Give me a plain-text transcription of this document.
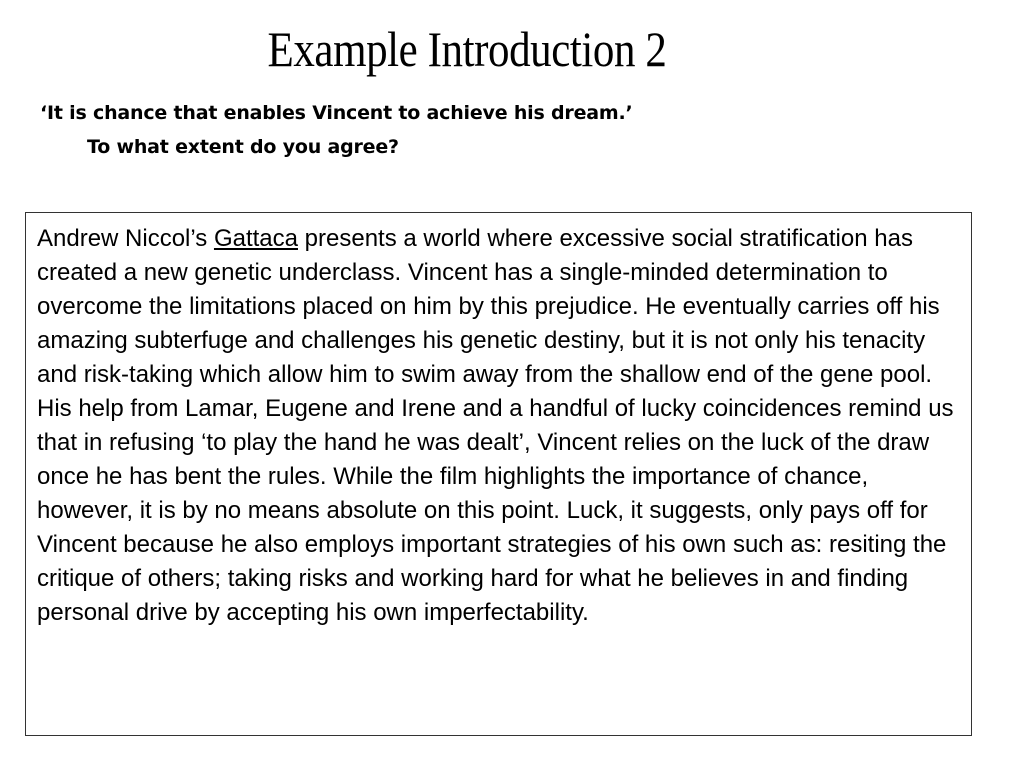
Example Introduction 2
‘It is chance that enables Vincent to achieve his dream.’
To what extent do you agree?

Andrew Niccol’s Gattaca presents a world where excessive social stratification has created a new genetic underclass. Vincent has a single-minded determination to overcome the limitations placed on him by this prejudice. He eventually carries off his amazing subterfuge and challenges his genetic destiny, but it is not only his tenacity and risk-taking which allow him to swim away from the shallow end of the gene pool. His help from Lamar, Eugene and Irene and a handful of lucky coincidences remind us that in refusing ‘to play the hand he was dealt’, Vincent relies on the luck of the draw once he has bent the rules. While the film highlights the importance of chance, however, it is by no means absolute on this point. Luck, it suggests, only pays off for Vincent because he also employs important strategies of his own such as: resiting the critique of others; taking risks and working hard for what he believes in and finding personal drive by accepting his own imperfectability.
